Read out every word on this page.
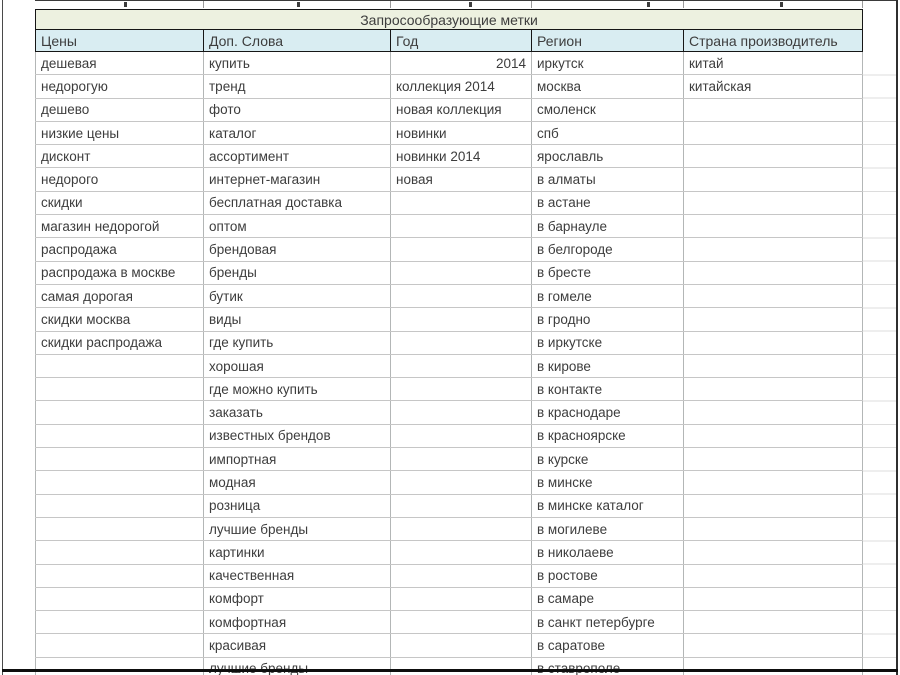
Запросообразующие метки				
Цены	Доп. Слова	Год	Регион	Страна производитель
дешевая	купить	2014	иркутск	китай
недорогую	тренд	коллекция 2014	москва	китайская
дешево	фото	новая коллекция	смоленск	
низкие цены	каталог	новинки	спб	
дисконт	ассортимент	новинки 2014	ярославль	
недорого	интернет-магазин	новая	в алматы	
скидки	бесплатная доставка		в астане	
магазин недорогой	оптом		в барнауле	
распродажа	брендовая		в белгороде	
распродажа в москве	бренды		в бресте	
самая дорогая	бутик		в гомеле	
скидки москва	виды		в гродно	
скидки распродажа	где купить		в иркутске	
	хорошая		в кирове	
	где можно купить		в контакте	
	заказать		в краснодаре	
	известных брендов		в красноярске	
	импортная		в курске	
	модная		в минске	
	розница		в минске каталог	
	лучшие бренды		в могилеве	
	картинки		в николаеве	
	качественная		в ростове	
	комфорт		в самаре	
	комфортная		в санкт петербурге	
	красивая		в саратове	
